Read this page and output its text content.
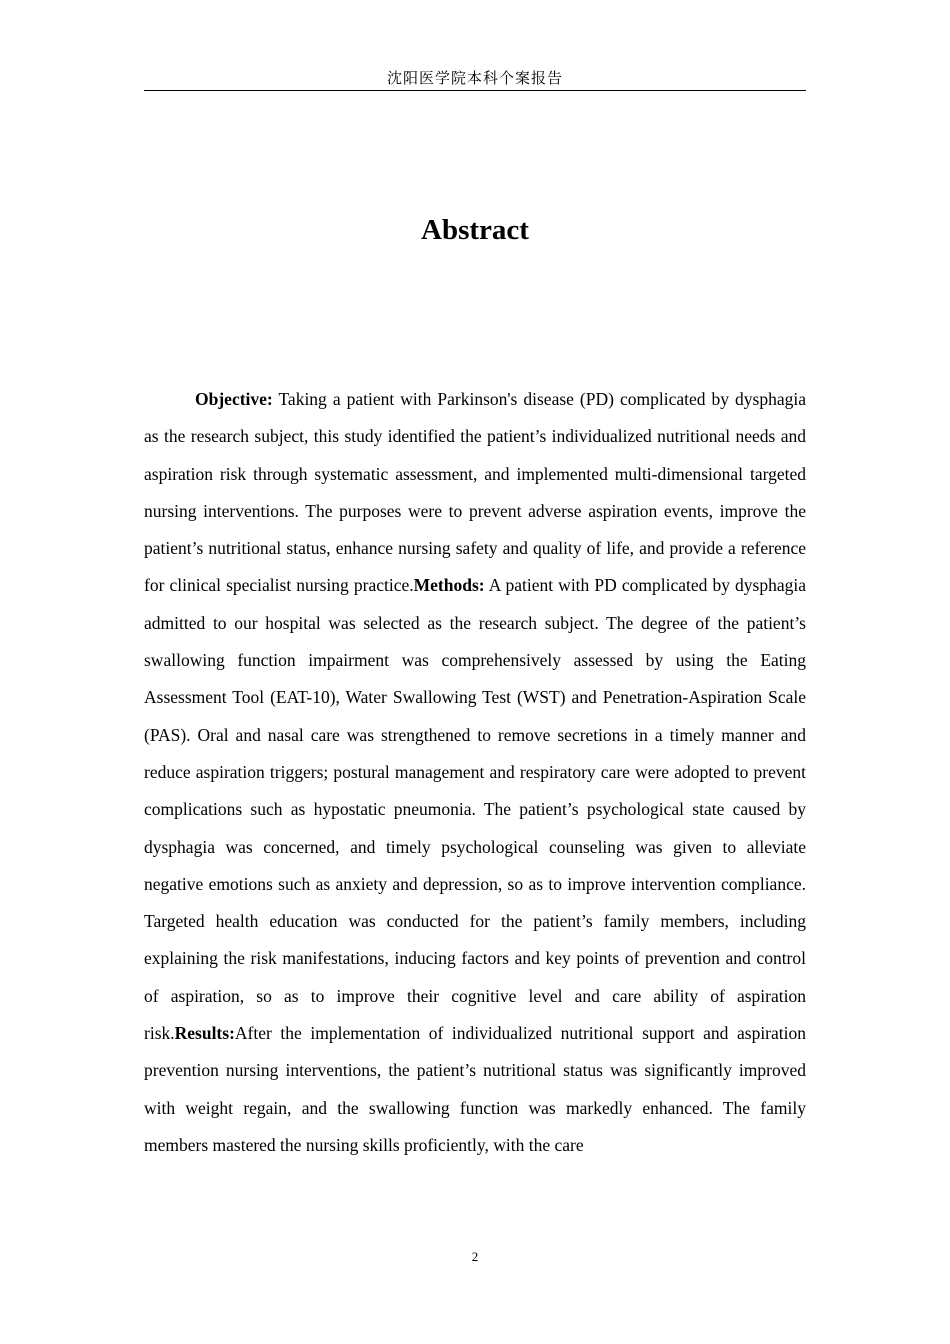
沈阳医学院本科个案报告
Abstract

Objective: Taking a patient with Parkinson's disease (PD) complicated by dysphagia as the research subject, this study identified the patient’s individualized nutritional needs and aspiration risk through systematic assessment, and implemented multi-dimensional targeted nursing interventions. The purposes were to prevent adverse aspiration events, improve the patient’s nutritional status, enhance nursing safety and quality of life, and provide a reference for clinical specialist nursing practice.Methods: A patient with PD complicated by dysphagia admitted to our hospital was selected as the research subject. The degree of the patient’s swallowing function impairment was comprehensively assessed by using the Eating Assessment Tool (EAT-10), Water Swallowing Test (WST) and Penetration-Aspiration Scale (PAS). Oral and nasal care was strengthened to remove secretions in a timely manner and reduce aspiration triggers; postural management and respiratory care were adopted to prevent complications such as hypostatic pneumonia. The patient’s psychological state caused by dysphagia was concerned, and timely psychological counseling was given to alleviate negative emotions such as anxiety and depression, so as to improve intervention compliance. Targeted health education was conducted for the patient’s family members, including explaining the risk manifestations, inducing factors and key points of prevention and control of aspiration, so as to improve their cognitive level and care ability of aspiration risk.Results:After the implementation of individualized nutritional support and aspiration prevention nursing interventions, the patient’s nutritional status was significantly improved with weight regain, and the swallowing function was markedly enhanced. The family members mastered the nursing skills proficiently, with the care

2
